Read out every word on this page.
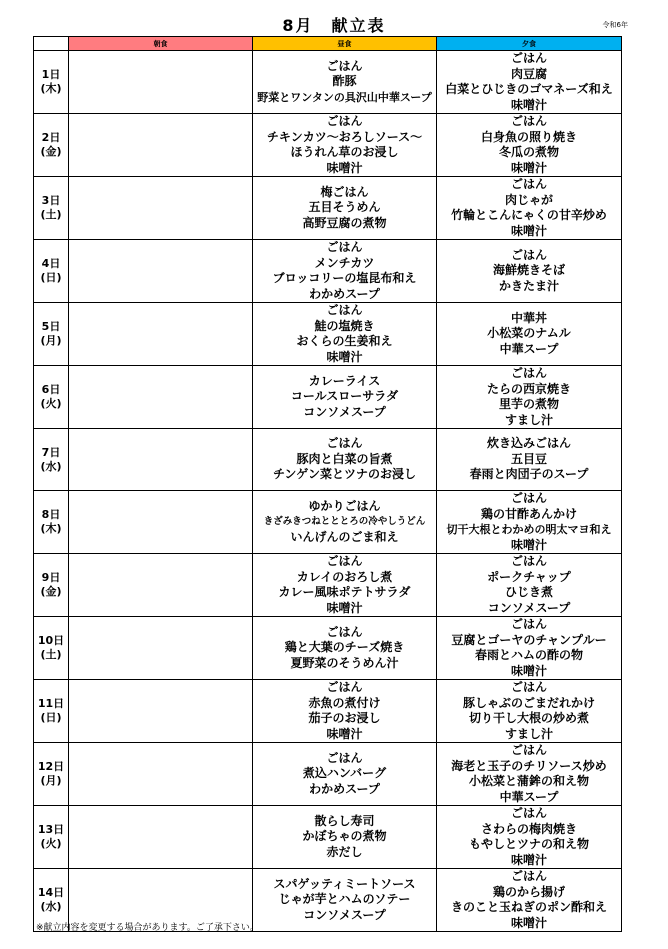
8月　献立表	令和6年
	朝食	昼食	夕食

1日
(木)		ごはん
酢豚
野菜とワンタンの具沢山中華スープ	ごはん
肉豆腐
白菜とひじきのゴマネーズ和え
味噌汁

2日
(金)		ごはん
チキンカツ～おろしソース～
ほうれん草のお浸し
味噌汁	ごはん
白身魚の照り焼き
冬瓜の煮物
味噌汁

3日
(土)		梅ごはん
五目そうめん
高野豆腐の煮物	ごはん
肉じゃが
竹輪とこんにゃくの甘辛炒め
味噌汁

4日
(日)		ごはん
メンチカツ
ブロッコリーの塩昆布和え
わかめスープ	ごはん
海鮮焼きそば
かきたま汁

5日
(月)		ごはん
鮭の塩焼き
おくらの生姜和え
味噌汁	中華丼
小松菜のナムル
中華スープ

6日
(火)		カレーライス
コールスローサラダ
コンソメスープ	ごはん
たらの西京焼き
里芋の煮物
すまし汁

7日
(水)		ごはん
豚肉と白菜の旨煮
チンゲン菜とツナのお浸し	炊き込みごはん
五目豆
春雨と肉団子のスープ

8日
(木)		ゆかりごはん
きざみきつねとととろの冷やしうどん
いんげんのごま和え	ごはん
鶏の甘酢あんかけ
切干大根とわかめの明太マヨ和え
味噌汁

9日
(金)		ごはん
カレイのおろし煮
カレー風味ポテトサラダ
味噌汁	ごはん
ポークチャップ
ひじき煮
コンソメスープ

10日
(土)		ごはん
鶏と大葉のチーズ焼き
夏野菜のそうめん汁	ごはん
豆腐とゴーヤのチャンプルー
春雨とハムの酢の物
味噌汁

11日
(日)		ごはん
赤魚の煮付け
茄子のお浸し
味噌汁	ごはん
豚しゃぶのごまだれかけ
切り干し大根の炒め煮
すまし汁

12日
(月)		ごはん
煮込ハンバーグ
わかめスープ	ごはん
海老と玉子のチリソース炒め
小松菜と蒲鉾の和え物
中華スープ

13日
(火)		散らし寿司
かぼちゃの煮物
赤だし	ごはん
さわらの梅肉焼き
もやしとツナの和え物
味噌汁

14日
(水)		スパゲッティミートソース
じゃが芋とハムのソテー
コンソメスープ	ごはん
鶏のから揚げ
きのこと玉ねぎのポン酢和え
味噌汁
※献立内容を変更する場合があります。ご了承下さい。
